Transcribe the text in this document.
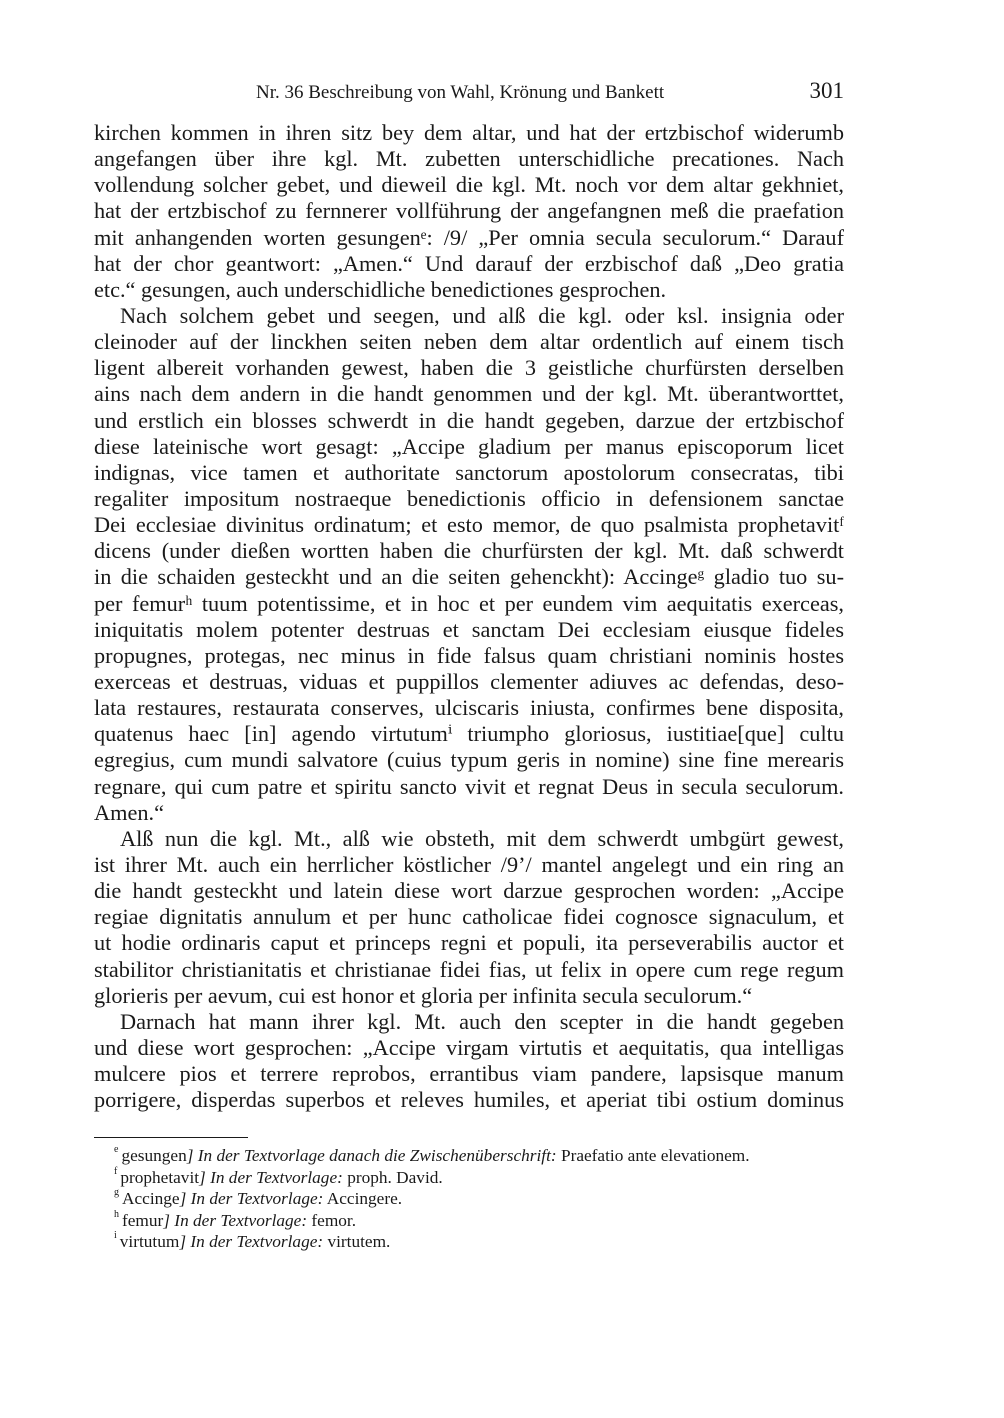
Nr. 36 Beschreibung von Wahl, Krönung und Bankett	301
kirchen kommen in ihren sitz bey dem altar, und hat der ertzbischof widerumb
angefangen über ihre kgl. Mt. zubetten unterschidliche precationes. Nach
vollendung solcher gebet, und dieweil die kgl. Mt. noch vor dem altar gekhniet,
hat der ertzbischof zu fernnerer vollführung der angefangnen meß die praefation
mit anhangenden worten gesungenᵉ: /9/ „Per omnia secula seculorum.“ Darauf
hat der chor geantwort: „Amen.“ Und darauf der erzbischof daß „Deo gratia
etc.“ gesungen, auch underschidliche benedictiones gesprochen.
Nach solchem gebet und seegen, und alß die kgl. oder ksl. insignia oder
cleinoder auf der linckhen seiten neben dem altar ordentlich auf einem tisch
ligent albereit vorhanden gewest, haben die 3 geistliche churfürsten derselben
ains nach dem andern in die handt genommen und der kgl. Mt. überantworttet,
und erstlich ein blosses schwerdt in die handt gegeben, darzue der ertzbischof
diese lateinische wort gesagt: „Accipe gladium per manus episcoporum licet
indignas, vice tamen et authoritate sanctorum apostolorum consecratas, tibi
regaliter impositum nostraeque benedictionis officio in defensionem sanctae
Dei ecclesiae divinitus ordinatum; et esto memor, de quo psalmista prophetavitᶠ
dicens (under dießen wortten haben die churfürsten der kgl. Mt. daß schwerdt
in die schaiden gesteckht und an die seiten gehenckht): Accingeᵍ gladio tuo su-
per femurʰ tuum potentissime, et in hoc et per eundem vim aequitatis exerceas,
iniquitatis molem potenter destruas et sanctam Dei ecclesiam eiusque fideles
propugnes, protegas, nec minus in fide falsus quam christiani nominis hostes
exerceas et destruas, viduas et puppillos clementer adiuves ac defendas, deso-
lata restaures, restaurata conserves, ulciscaris iniusta, confirmes bene disposita,
quatenus haec [in] agendo virtutumⁱ triumpho gloriosus, iustitiae[que] cultu
egregius, cum mundi salvatore (cuius typum geris in nomine) sine fine merearis
regnare, qui cum patre et spiritu sancto vivit et regnat Deus in secula seculorum.
Amen.“
Alß nun die kgl. Mt., alß wie obsteth, mit dem schwerdt umbgürt gewest,
ist ihrer Mt. auch ein herrlicher köstlicher /9’/ mantel angelegt und ein ring an
die handt gesteckht und latein diese wort darzue gesprochen worden: „Accipe
regiae dignitatis annulum et per hunc catholicae fidei cognosce signaculum, et
ut hodie ordinaris caput et princeps regni et populi, ita perseverabilis auctor et
stabilitor christianitatis et christianae fidei fias, ut felix in opere cum rege regum
glorieris per aevum, cui est honor et gloria per infinita secula seculorum.“
Darnach hat mann ihrer kgl. Mt. auch den scepter in die handt gegeben
und diese wort gesprochen: „Accipe virgam virtutis et aequitatis, qua intelligas
mulcere pios et terrere reprobos, errantibus viam pandere, lapsisque manum
porrigere, disperdas superbos et releves humiles, et aperiat tibi ostium dominus
$^e$ gesungen] In der Textvorlage danach die Zwischenüberschrift: Praefatio ante elevationem.
$^f$ prophetavit] In der Textvorlage: proph. David.
$^g$ Accinge] In der Textvorlage: Accingere.
$^h$ femur] In der Textvorlage: femor.
$^i$ virtutum] In der Textvorlage: virtutem.
